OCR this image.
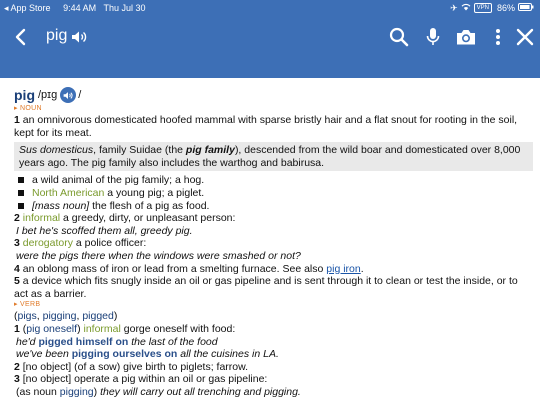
◂ App Store 9:44 AM Thu Jul 30	✈	VPN 86%
pig
pig /pɪɡ /
▸ NOUN
1 an omnivorous domesticated hoofed mammal with sparse bristly hair and a flat snout for rooting in the soil, kept for its meat.
Sus domesticus, family Suidae (the pig family), descended from the wild boar and domesticated over 8,000 years ago. The pig family also includes the warthog and babirusa.
a wild animal of the pig family; a hog.
North American a young pig; a piglet.
[mass noun] the flesh of a pig as food.
2 informal a greedy, dirty, or unpleasant person:
I bet he's scoffed them all, greedy pig.
3 derogatory a police officer:
were the pigs there when the windows were smashed or not?
4 an oblong mass of iron or lead from a smelting furnace. See also pig iron.
5 a device which fits snugly inside an oil or gas pipeline and is sent through it to clean or test the inside, or to act as a barrier.
▸ VERB
(pigs, pigging, pigged)
1 (pig oneself) informal gorge oneself with food:
he'd pigged himself on the last of the food
we've been pigging ourselves on all the cuisines in LA.
2 [no object] (of a sow) give birth to piglets; farrow.
3 [no object] operate a pig within an oil or gas pipeline:
(as noun pigging) they will carry out all trenching and pigging.
